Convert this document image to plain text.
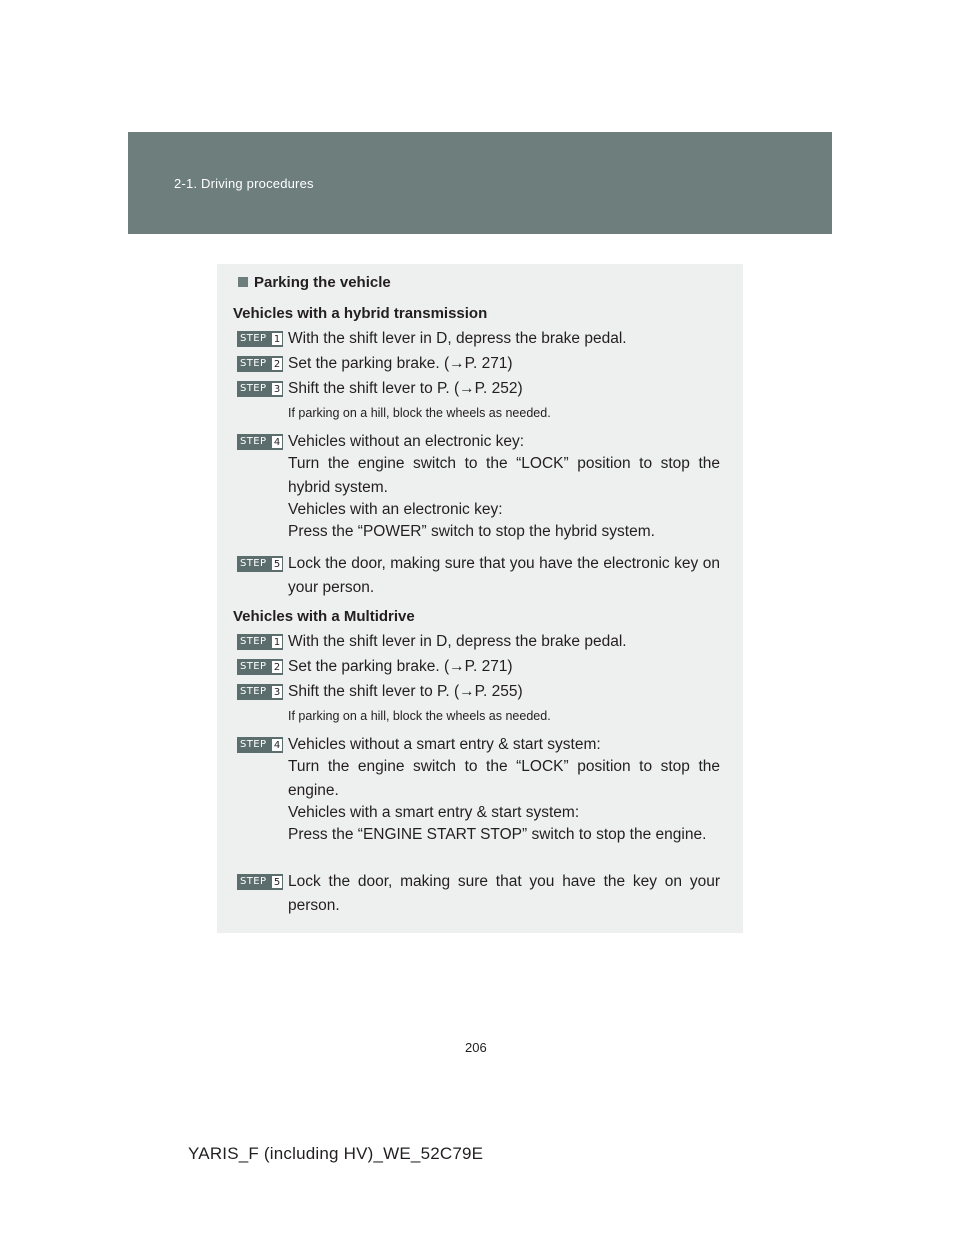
2-1. Driving procedures
Parking the vehicle
Vehicles with a hybrid transmission
STEP 1 With the shift lever in D, depress the brake pedal.
STEP 2 Set the parking brake. (→P. 271)
STEP 3 Shift the shift lever to P. (→P. 252)
If parking on a hill, block the wheels as needed.
STEP 4 Vehicles without an electronic key:
Turn the engine switch to the “LOCK” position to stop the hybrid system.
Vehicles with an electronic key:
Press the “POWER” switch to stop the hybrid system.
STEP 5 Lock the door, making sure that you have the electronic key on your person.
Vehicles with a Multidrive
STEP 1 With the shift lever in D, depress the brake pedal.
STEP 2 Set the parking brake. (→P. 271)
STEP 3 Shift the shift lever to P. (→P. 255)
If parking on a hill, block the wheels as needed.
STEP 4 Vehicles without a smart entry & start system:
Turn the engine switch to the “LOCK” position to stop the engine.
Vehicles with a smart entry & start system:
Press the “ENGINE START STOP” switch to stop the engine.
STEP 5 Lock the door, making sure that you have the key on your person.
206
YARIS_F (including HV)_WE_52C79E
